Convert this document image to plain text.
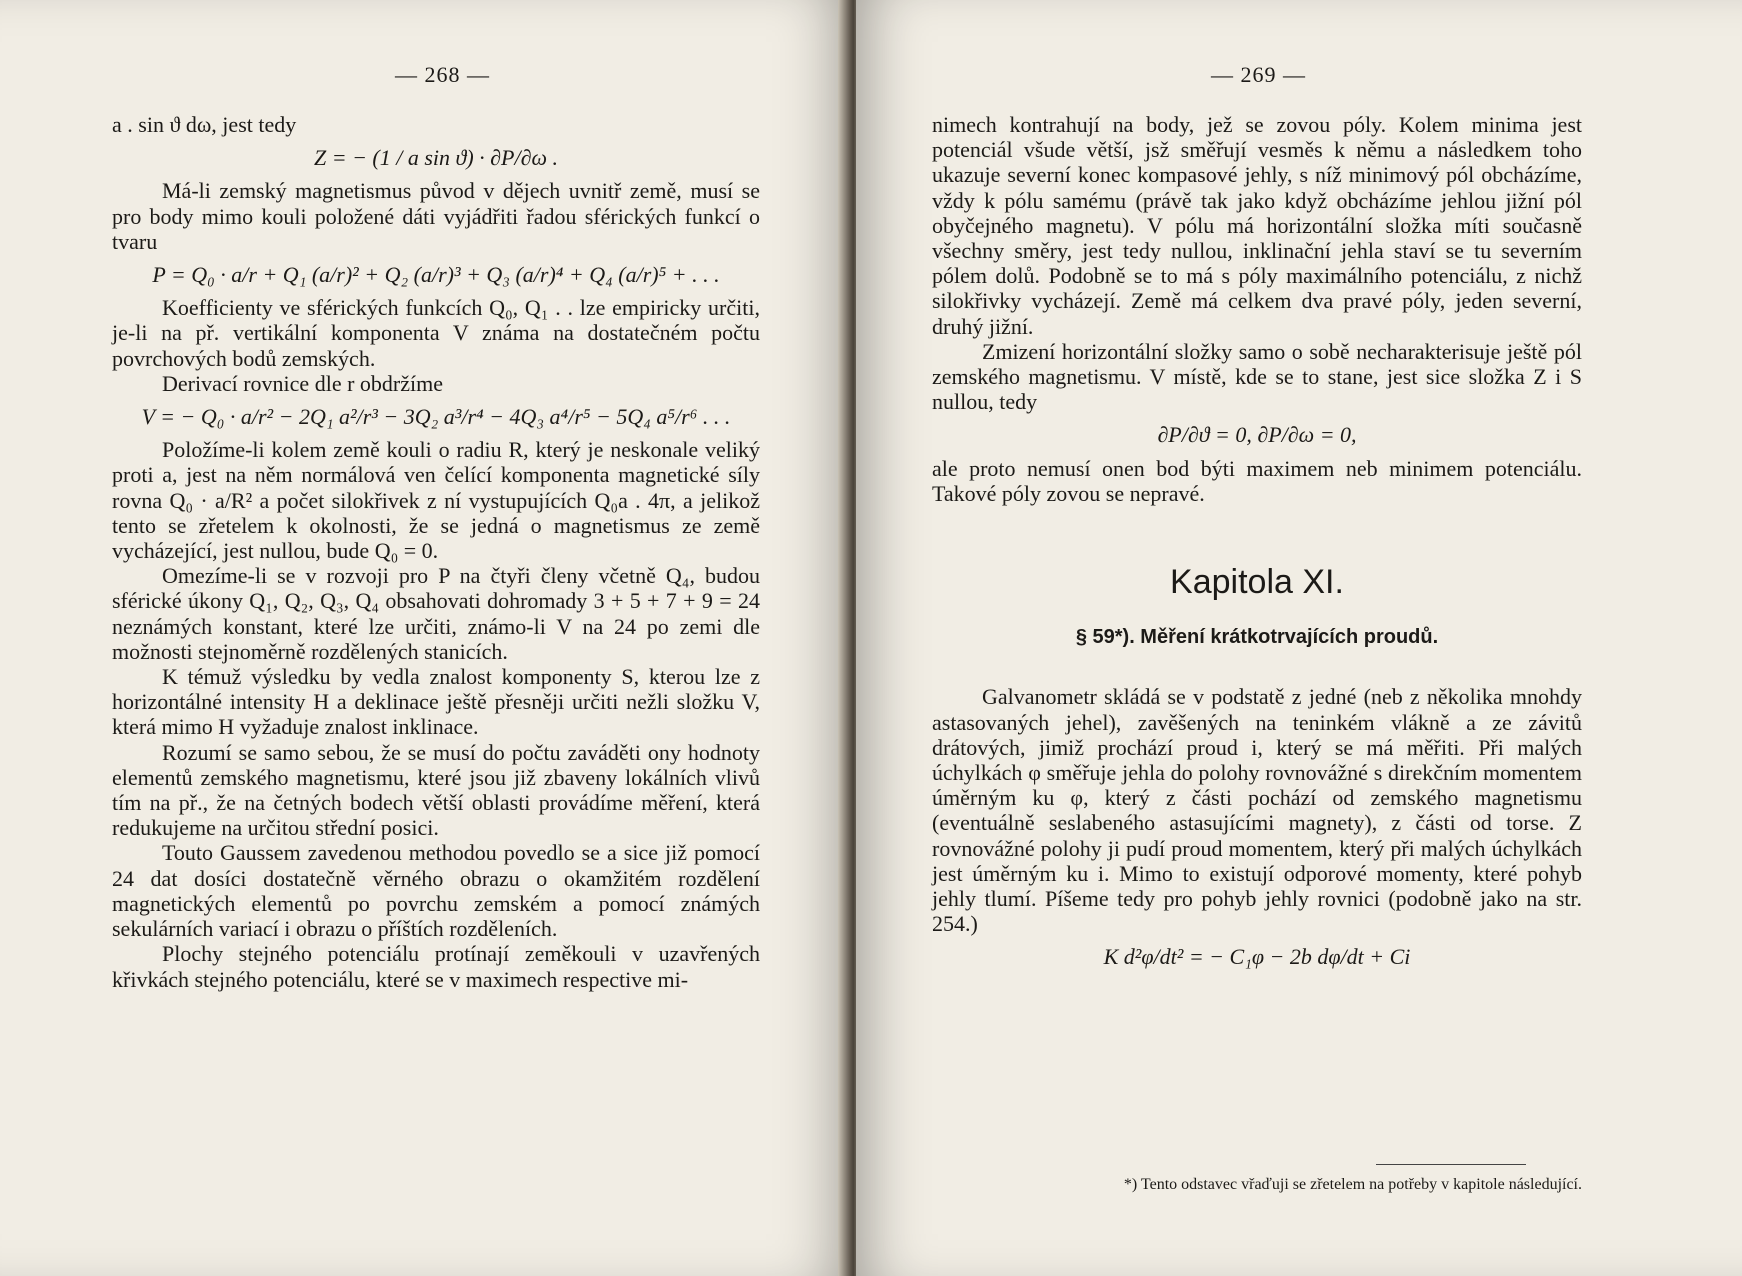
— 268 —

a . sin ϑ dω, jest tedy

Z = − (1 / a sin ϑ) · ∂P/∂ω .

Má-li zemský magnetismus původ v dějech uvnitř země, musí se pro body mimo kouli položené dáti vyjádřiti řadou sférických funkcí o tvaru

P = Q₀ · a/r + Q₁ (a/r)² + Q₂ (a/r)³ + Q₃ (a/r)⁴ + Q₄ (a/r)⁵ + . . .

Koefficienty ve sférických funkcích Q₀, Q₁ . . lze empiricky určiti, je-li na př. vertikální komponenta V známa na dostatečném počtu povrchových bodů zemských.

Derivací rovnice dle r obdržíme

V = − Q₀ · a/r² − 2Q₁ a²/r³ − 3Q₂ a³/r⁴ − 4Q₃ a⁴/r⁵ − 5Q₄ a⁵/r⁶ . . .

Položíme-li kolem země kouli o radiu R, který je neskonale veliký proti a, jest na něm normálová ven čelící komponenta magnetické síly rovna Q₀ · a/R² a počet silokřivek z ní vystupujících Q₀a . 4π, a jelikož tento se zřetelem k okolnosti, že se jedná o magnetismus ze země vycházející, jest nullou, bude Q₀ = 0.

Omezíme-li se v rozvoji pro P na čtyři členy včetně Q₄, budou sférické úkony Q₁, Q₂, Q₃, Q₄ obsahovati dohromady 3 + 5 + 7 + 9 = 24 neznámých konstant, které lze určiti, známo-li V na 24 po zemi dle možnosti stejnoměrně rozdělených stanicích.

K témuž výsledku by vedla znalost komponenty S, kterou lze z horizontálné intensity H a deklinace ještě přesněji určiti nežli složku V, která mimo H vyžaduje znalost inklinace.

Rozumí se samo sebou, že se musí do počtu zaváděti ony hodnoty elementů zemského magnetismu, které jsou již zbaveny lokálních vlivů tím na př., že na četných bodech větší oblasti provádíme měření, která redukujeme na určitou střední posici.

Touto Gaussem zavedenou methodou povedlo se a sice již pomocí 24 dat dosíci dostatečně věrného obrazu o okamžitém rozdělení magnetických elementů po povrchu zemském a pomocí známých sekulárních variací i obrazu o příštích rozděleních.

Plochy stejného potenciálu protínají zeměkouli v uzavřených křivkách stejného potenciálu, které se v maximech respective mi-

— 269 —

nimech kontrahují na body, jež se zovou póly. Kolem minima jest potenciál všude větší, jsž směřují vesměs k němu a následkem toho ukazuje severní konec kompasové jehly, s níž minimový pól obcházíme, vždy k pólu samému (právě tak jako když obcházíme jehlou jižní pól obyčejného magnetu). V pólu má horizontální složka míti současně všechny směry, jest tedy nullou, inklinační jehla staví se tu severním pólem dolů. Podobně se to má s póly maximálního potenciálu, z nichž silokřivky vycházejí. Země má celkem dva pravé póly, jeden severní, druhý jižní.

Zmizení horizontální složky samo o sobě necharakterisuje ještě pól zemského magnetismu. V místě, kde se to stane, jest sice složka Z i S nullou, tedy

∂P/∂ϑ = 0, ∂P/∂ω = 0,

ale proto nemusí onen bod býti maximem neb minimem potenciálu. Takové póly zovou se nepravé.

Kapitola XI.
§ 59*). Měření krátkotrvajících proudů.

Galvanometr skládá se v podstatě z jedné (neb z několika mnohdy astasovaných jehel), zavěšených na teninkém vlákně a ze závitů drátových, jimiž prochází proud i, který se má měřiti. Při malých úchylkách φ směřuje jehla do polohy rovnovážné s direkčním momentem úměrným ku φ, který z části pochází od zemského magnetismu (eventuálně seslabeného astasujícími magnety), z části od torse. Z rovnovážné polohy ji pudí proud momentem, který při malých úchylkách jest úměrným ku i. Mimo to existují odporové momenty, které pohyb jehly tlumí. Píšeme tedy pro pohyb jehly rovnici (podobně jako na str. 254.)

K d²φ/dt² = − C₁φ − 2b dφ/dt + Ci
*) Tento odstavec vřaďuji se zřetelem na potřeby v kapitole následující.
